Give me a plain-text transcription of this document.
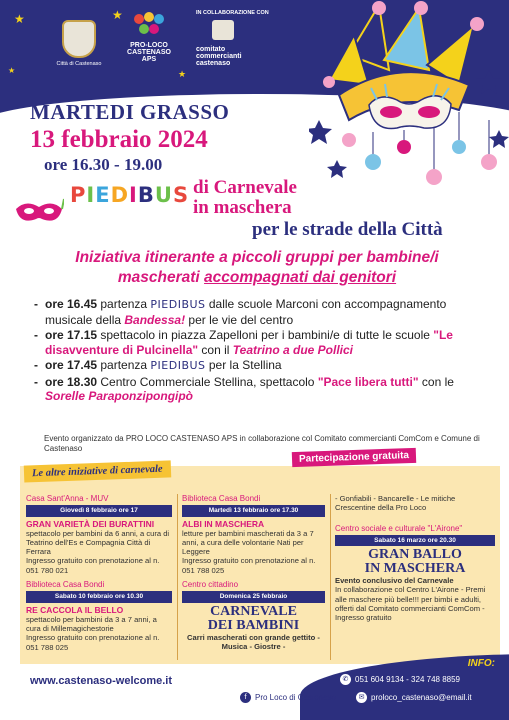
★	★
★
★
Città di Castenaso
PRO-LOCO
CASTENASO APS
IN COLLABORAZIONE CON
comitato
commercianti
castenaso
MARTEDI GRASSO
13 febbraio 2024
ore 16.30 - 19.00
PIEDIBUS di Carnevale
in maschera
per le strade della Città
Iniziativa itinerante a piccoli gruppi per bambine/i
mascherati accompagnati dai genitori
- ore 16.45 partenza PIEDIBUS dalle scuole Marconi con accompagnamento musicale della Bandessa! per le vie del centro
- ore 17.15 spettacolo in piazza Zapelloni per i bambini/e di tutte le scuole "Le disavventure di Pulcinella" con il Teatrino a due Pollici
- ore 17.45 partenza PIEDIBUS per la Stellina
- ore 18.30 Centro Commerciale Stellina, spettacolo "Pace libera tutti" con le Sorelle Paraponzipongipò
Evento organizzato da PRO LOCO CASTENASO APS in collaborazione col Comitato commercianti ComCom e Comune di Castenaso
Le altre iniziative di carnevale
Partecipazione gratuita
Casa Sant'Anna - MUV
Giovedì 8 febbraio ore 17
GRAN VARIETÀ DEI BURATTINI
spettacolo per bambini da 6 anni, a cura di Teatrino dell'Es e Compagnia Città di Ferrara
Ingresso gratuito con prenotazione al n. 051 780 021
Biblioteca Casa Bondi
Sabato 10 febbraio ore 10.30
RE CACCOLA IL BELLO
spettacolo per bambini da 3 a 7 anni, a cura di Millemagichestorie
Ingresso gratuito con prenotazione al n. 051 788 025
Biblioteca Casa Bondi
Martedì 13 febbraio ore 17.30
ALBI IN MASCHERA
letture per bambini mascherati da 3 a 7 anni, a cura delle volontarie Nati per Leggere
Ingresso gratuito con prenotazione al n. 051 788 025
Centro cittadino
Domenica 25 febbraio
CARNEVALE
DEI BAMBINI
Carri mascherati con grande gettito - Musica - Giostre -
- Gonfiabili - Bancarelle - Le mitiche Crescentine della Pro Loco
Centro sociale e culturale "L'Airone"
Sabato 16 marzo ore 20.30
GRAN BALLO
IN MASCHERA
Evento conclusivo del Carnevale
In collaborazione col Centro L'Airone - Premi alle maschere più belle!!! per bimbi e adulti, offerti dal Comitato commercianti ComCom - Ingresso gratuito
www.castenaso-welcome.it
INFO:
✆ 051 604 9134 - 324 748 8859
f	Pro Loco di Castenaso	✉ proloco_castenaso@email.it
